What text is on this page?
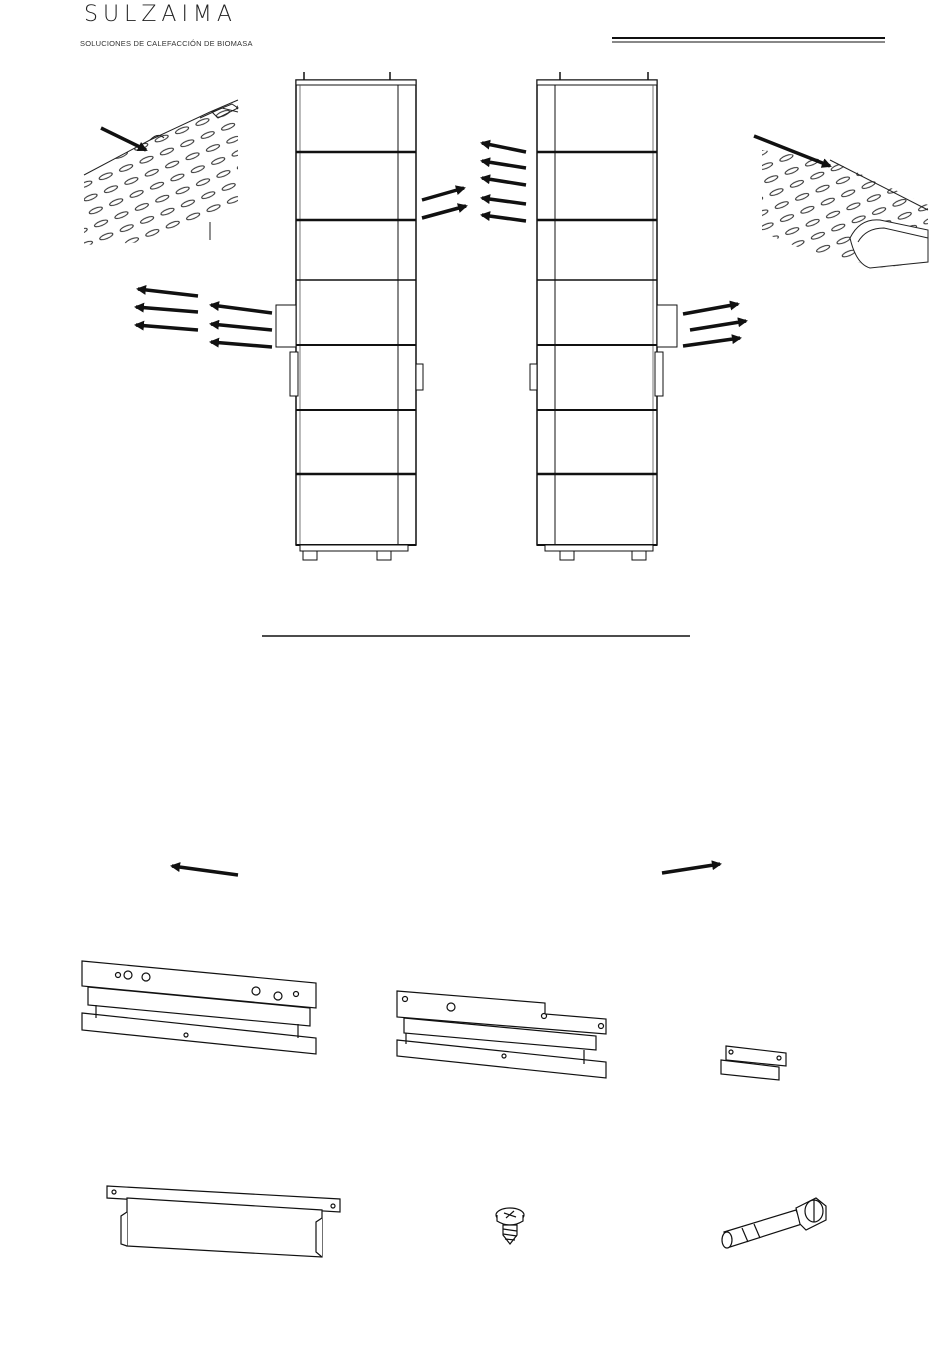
SULZAIMA
SOLUCIONES DE CALEFACCIÓN DE BIOMASA
